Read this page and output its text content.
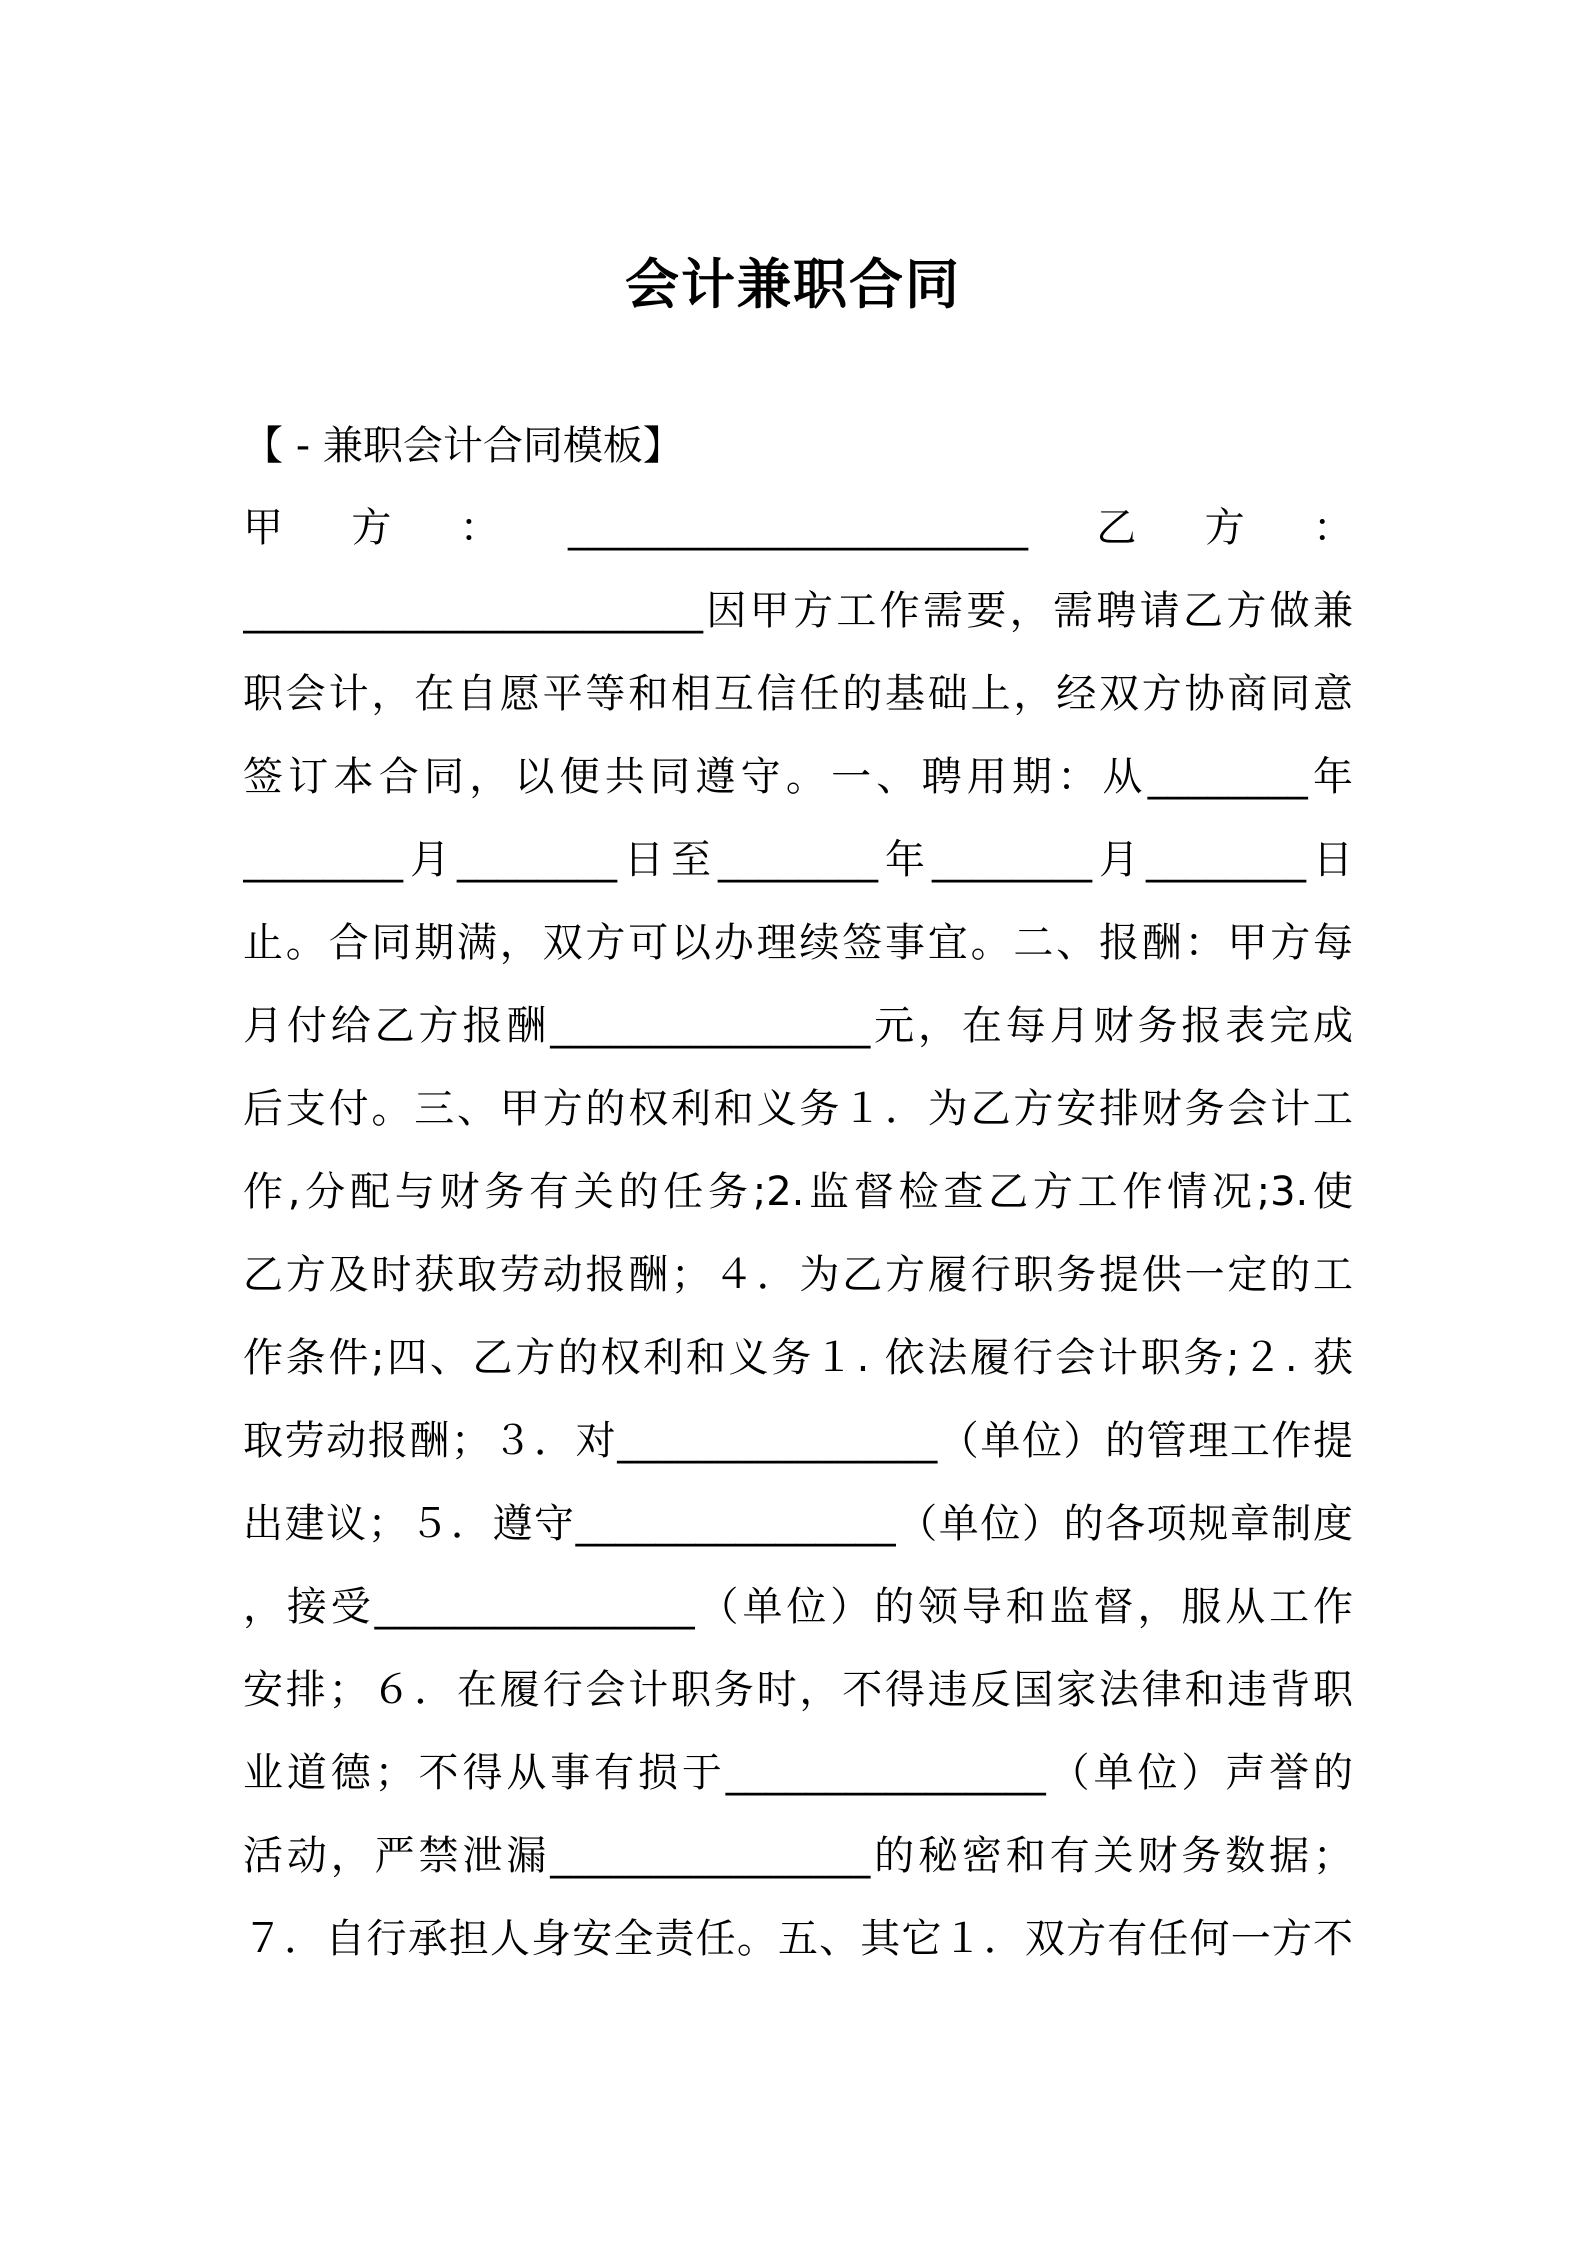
会计兼职合同
【 - 兼职会计合同模板】
甲 方 ： _______________________ 乙 方 ：
_______________________因甲方工作需要，需聘请乙方做兼
职会计，在自愿平等和相互信任的基础上，经双方协商同意
签订本合同，以便共同遵守。一、聘用期：从________年
________月________日至________年________月________日
止。合同期满，双方可以办理续签事宜。二、报酬：甲方每
月付给乙方报酬________________元，在每月财务报表完成
后支付。三、甲方的权利和义务１．为乙方安排财务会计工
作,分配与财务有关的任务;2.监督检查乙方工作情况;3.使
乙方及时获取劳动报酬；４．为乙方履行职务提供一定的工
作条件;四、乙方的权利和义务１. 依法履行会计职务;２. 获
取劳动报酬；３．对________________（单位）的管理工作提
出建议；５．遵守________________（单位）的各项规章制度
，接受________________（单位）的领导和监督，服从工作
安排；６．在履行会计职务时，不得违反国家法律和违背职
业道德；不得从事有损于________________（单位）声誉的
活动，严禁泄漏________________的秘密和有关财务数据；
７．自行承担人身安全责任。五、其它１．双方有任何一方不
